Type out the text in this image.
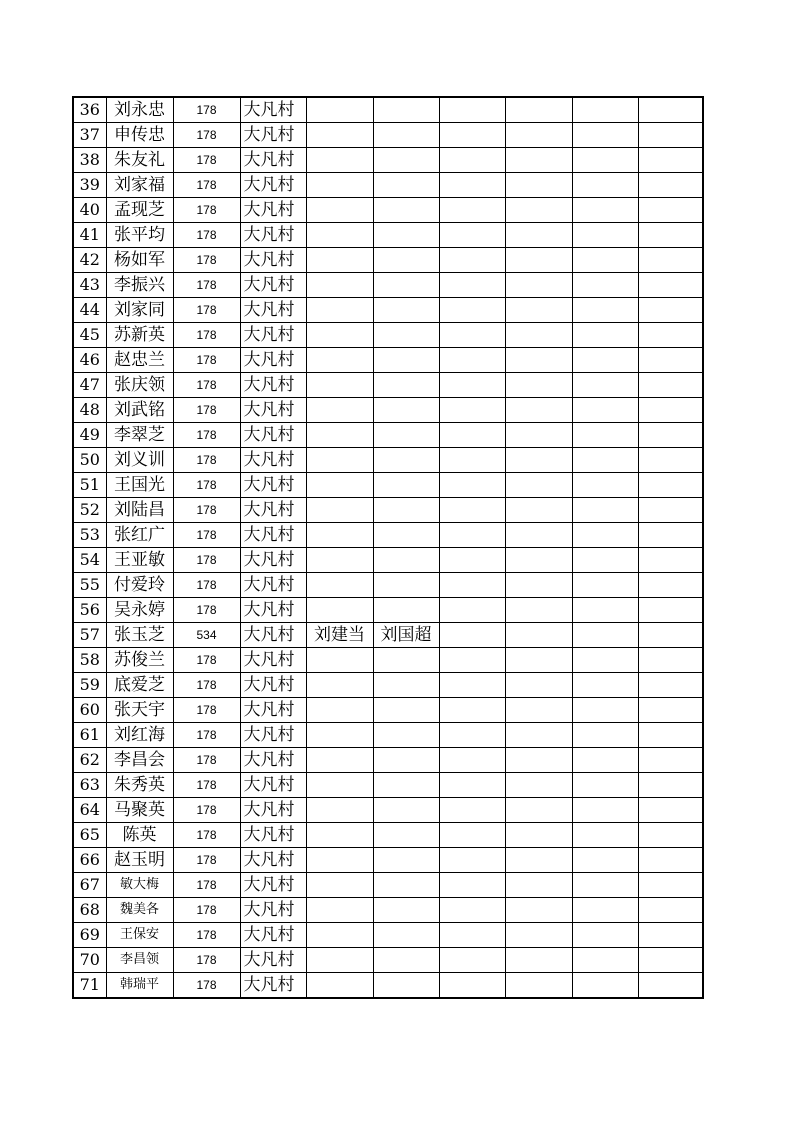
36	刘永忠	178	大凡村						
37	申传忠	178	大凡村						
38	朱友礼	178	大凡村						
39	刘家福	178	大凡村						
40	孟现芝	178	大凡村						
41	张平均	178	大凡村						
42	杨如军	178	大凡村						
43	李振兴	178	大凡村						
44	刘家同	178	大凡村						
45	苏新英	178	大凡村						
46	赵忠兰	178	大凡村						
47	张庆领	178	大凡村						
48	刘武铭	178	大凡村						
49	李翠芝	178	大凡村						
50	刘义训	178	大凡村						
51	王国光	178	大凡村						
52	刘陆昌	178	大凡村						
53	张红广	178	大凡村						
54	王亚敏	178	大凡村						
55	付爱玲	178	大凡村						
56	吴永婷	178	大凡村						
57	张玉芝	534	大凡村	刘建当	刘国超				
58	苏俊兰	178	大凡村						
59	底爱芝	178	大凡村						
60	张天宇	178	大凡村						
61	刘红海	178	大凡村						
62	李昌会	178	大凡村						
63	朱秀英	178	大凡村						
64	马聚英	178	大凡村						
65	陈英	178	大凡村						
66	赵玉明	178	大凡村						
67	敏大梅	178	大凡村						
68	魏美各	178	大凡村						
69	王保安	178	大凡村						
70	李昌领	178	大凡村						
71	韩瑞平	178	大凡村						
